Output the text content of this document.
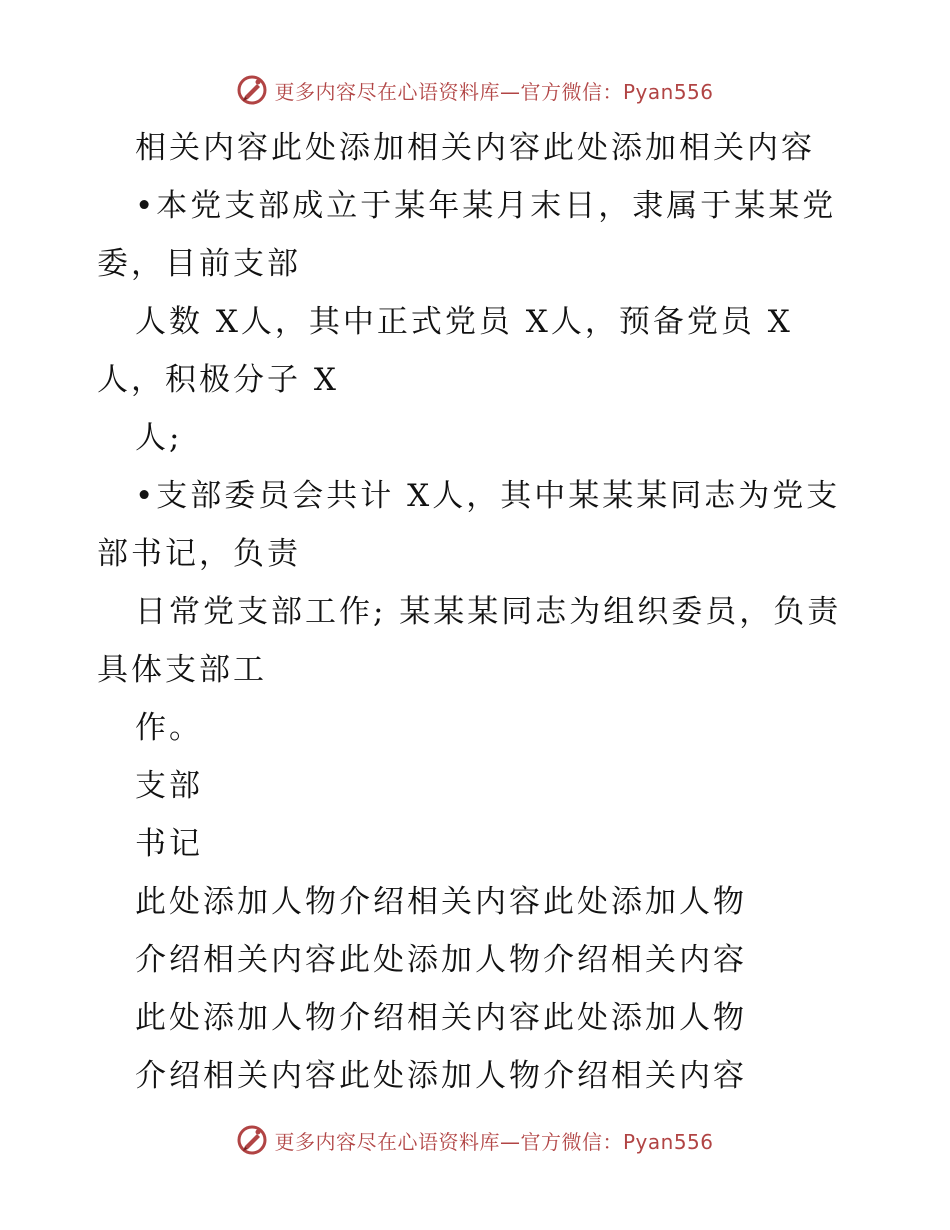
更多内容尽在心语资料库—官方微信：Pyan556
相关内容此处添加相关内容此处添加相关内容
•本党支部成立于某年某月末日，隶属于某某党
委，目前支部
人数 X人，其中正式党员 X人，预备党员 X
人，积极分子 X
人;
•支部委员会共计 X人，其中某某某同志为党支
部书记，负责
日常党支部工作; 某某某同志为组织委员，负责
具体支部工
作。
支部
书记
此处添加人物介绍相关内容此处添加人物
介绍相关内容此处添加人物介绍相关内容
此处添加人物介绍相关内容此处添加人物
介绍相关内容此处添加人物介绍相关内容
更多内容尽在心语资料库—官方微信：Pyan556
